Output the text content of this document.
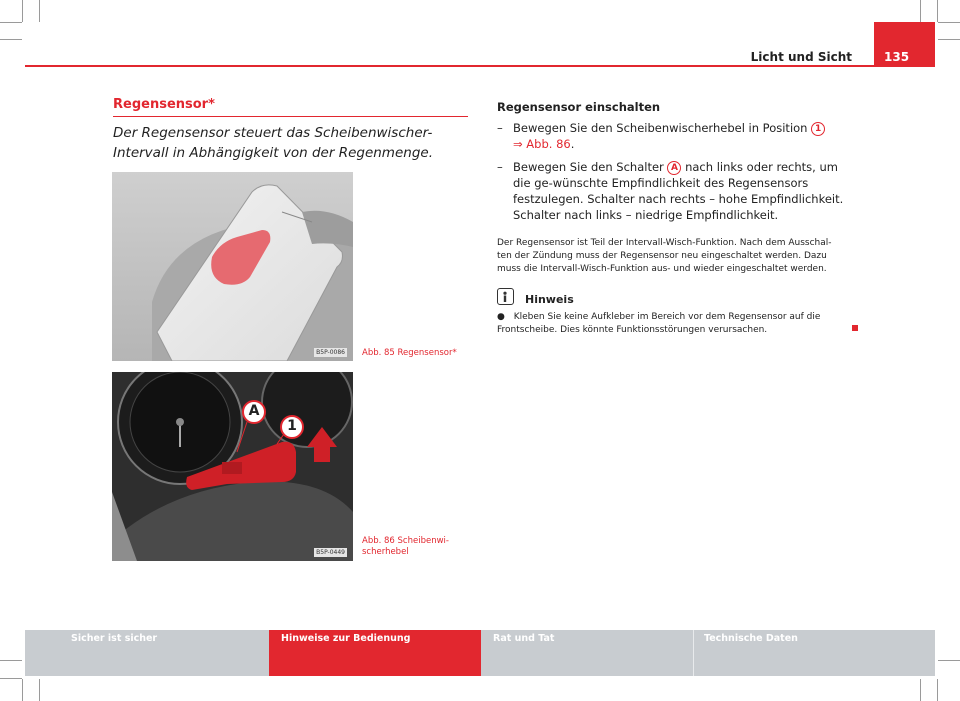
Licht und Sicht	135
Regensensor*
Der Regensensor steuert das Scheibenwischer-Intervall in Abhängigkeit von der Regenmenge.
B5P-0086 Abb. 85 Regensensor*
A
1
B5P-0449
Abb. 86 Scheibenwi-scherhebel
Regensensor einschalten
– Bewegen Sie den Scheibenwischerhebel in Position 1
⇒ Abb. 86.
– Bewegen Sie den Schalter A nach links oder rechts, um die ge-wünschte Empfindlichkeit des Regensensors festzulegen. Schalter nach rechts – hohe Empfindlichkeit. Schalter nach links – niedrige Empfindlichkeit.
Der Regensensor ist Teil der Intervall-Wisch-Funktion. Nach dem Ausschal-ten der Zündung muss der Regensensor neu eingeschaltet werden. Dazu muss die Intervall-Wisch-Funktion aus- und wieder eingeschaltet werden.
Hinweis
● Kleben Sie keine Aufkleber im Bereich vor dem Regensensor auf die Frontscheibe. Dies könnte Funktionsstörungen verursachen.
Sicher ist sicher	Hinweise zur Bedienung	Rat und Tat	Technische Daten
